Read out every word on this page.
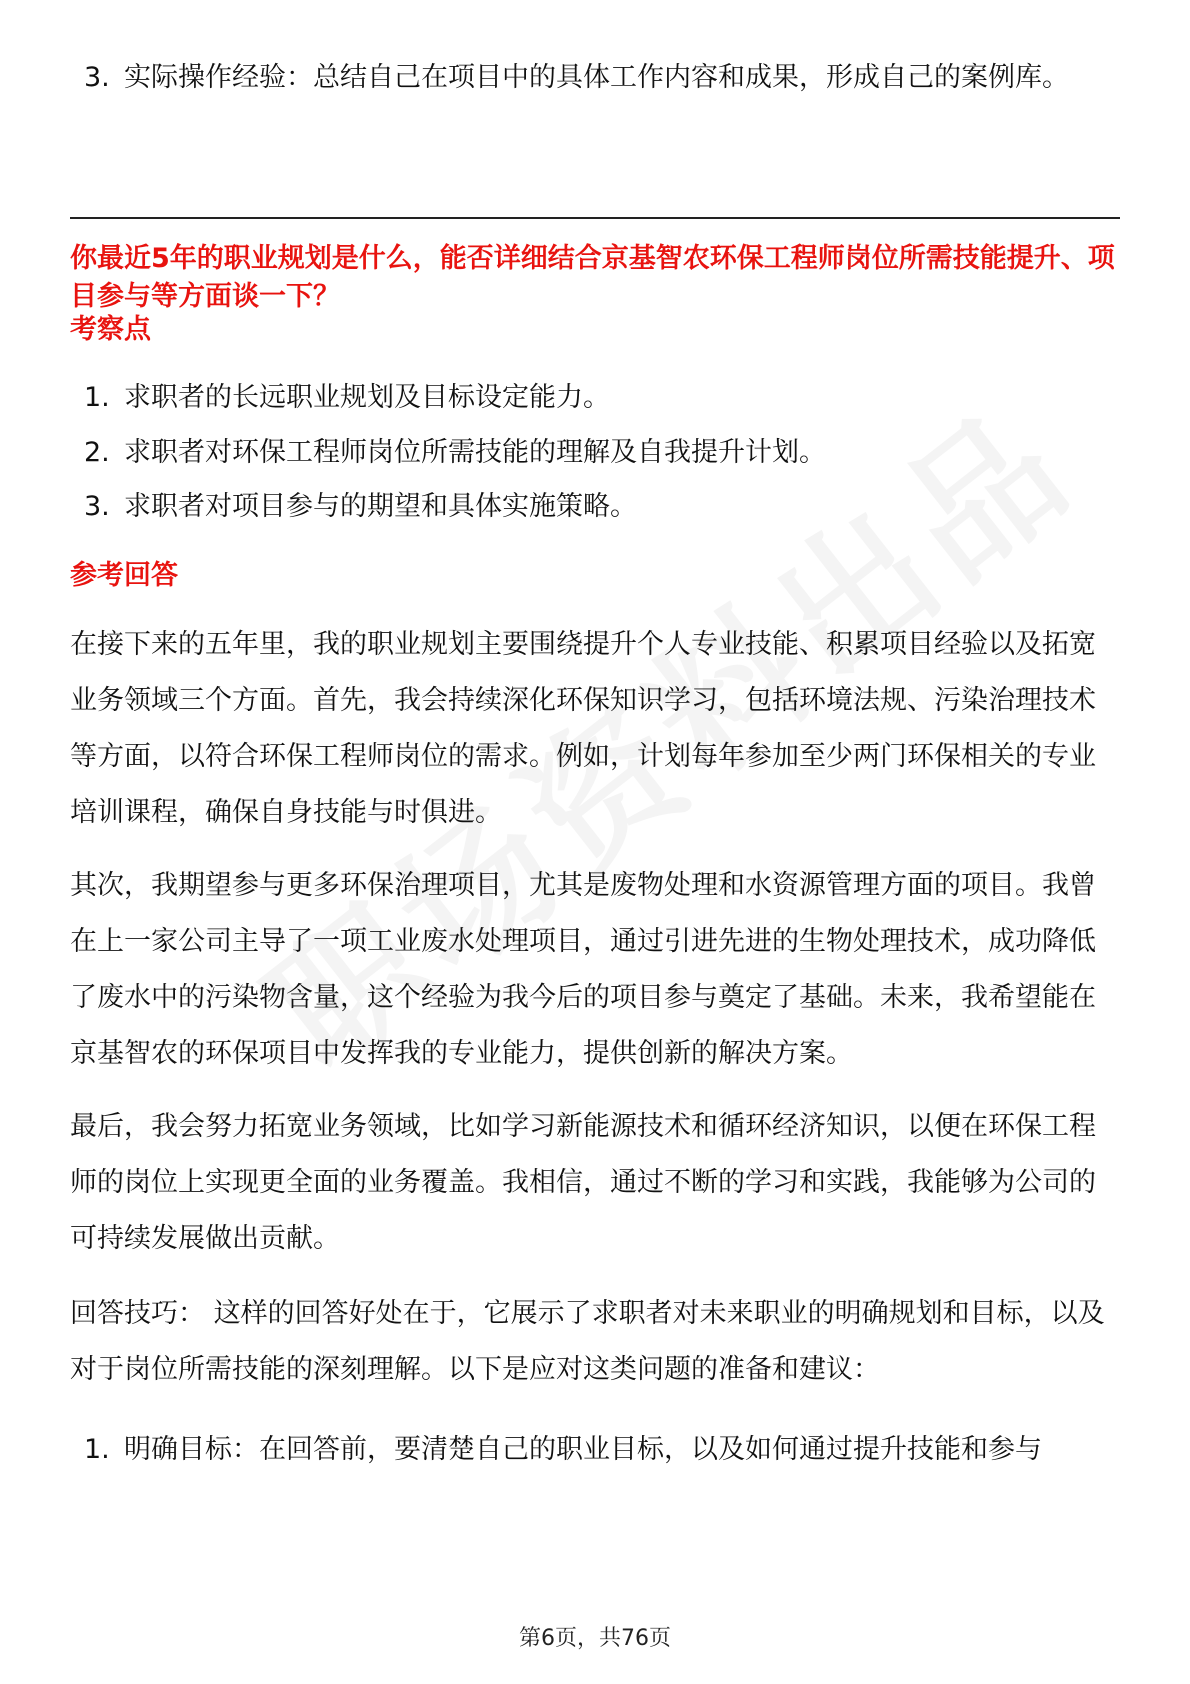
3. 实际操作经验：总结自己在项目中的具体工作内容和成果，形成自己的案例库。
你最近5年的职业规划是什么，能否详细结合京基智农环保工程师岗位所需技能提升、项目参与等方面谈一下？
考察点
1. 求职者的长远职业规划及目标设定能力。
2. 求职者对环保工程师岗位所需技能的理解及自我提升计划。
3. 求职者对项目参与的期望和具体实施策略。
参考回答
在接下来的五年里，我的职业规划主要围绕提升个人专业技能、积累项目经验以及拓宽业务领域三个方面。首先，我会持续深化环保知识学习，包括环境法规、污染治理技术等方面，以符合环保工程师岗位的需求。例如，计划每年参加至少两门环保相关的专业培训课程，确保自身技能与时俱进。
其次，我期望参与更多环保治理项目，尤其是废物处理和水资源管理方面的项目。我曾在上一家公司主导了一项工业废水处理项目，通过引进先进的生物处理技术，成功降低了废水中的污染物含量，这个经验为我今后的项目参与奠定了基础。未来，我希望能在京基智农的环保项目中发挥我的专业能力，提供创新的解决方案。
最后，我会努力拓宽业务领域，比如学习新能源技术和循环经济知识，以便在环保工程师的岗位上实现更全面的业务覆盖。我相信，通过不断的学习和实践，我能够为公司的可持续发展做出贡献。
回答技巧： 这样的回答好处在于，它展示了求职者对未来职业的明确规划和目标，以及对于岗位所需技能的深刻理解。以下是应对这类问题的准备和建议：
1. 明确目标：在回答前，要清楚自己的职业目标，以及如何通过提升技能和参与
第6页，共76页
